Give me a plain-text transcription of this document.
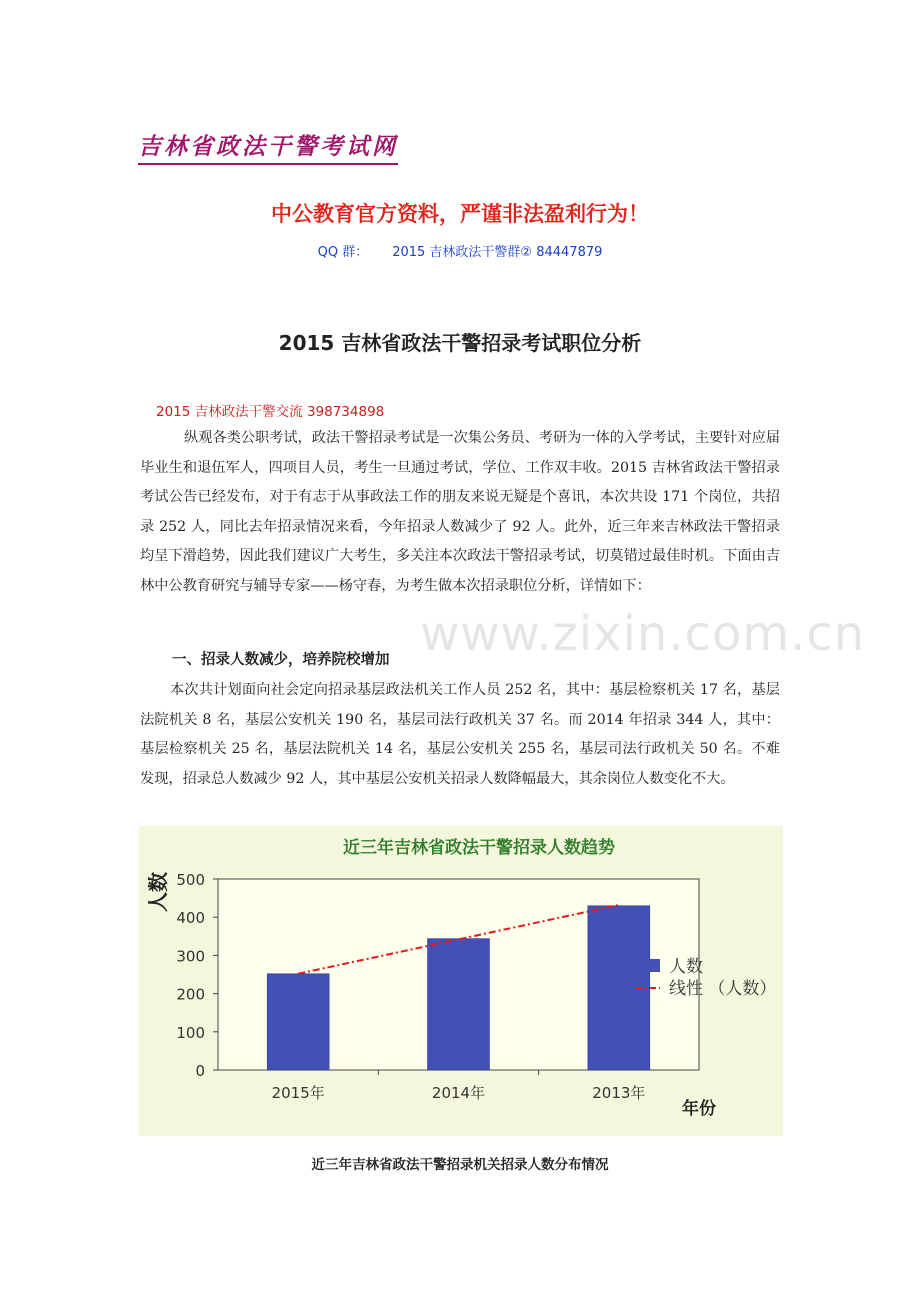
吉林省政法干警考试网
中公教育官方资料，严谨非法盈利行为！
QQ 群： 2015 吉林政法干警群② 84447879
2015 吉林省政法干警招录考试职位分析
2015 吉林政法干警交流 398734898
纵观各类公职考试，政法干警招录考试是一次集公务员、考研为一体的入学考试，主要针对应届毕业生和退伍军人，四项目人员，考生一旦通过考试，学位、工作双丰收。2015 吉林省政法干警招录考试公告已经发布，对于有志于从事政法工作的朋友来说无疑是个喜讯，本次共设 171 个岗位，共招录 252 人，同比去年招录情况来看，今年招录人数减少了 92 人。此外，近三年来吉林政法干警招录均呈下滑趋势，因此我们建议广大考生，多关注本次政法干警招录考试，切莫错过最佳时机。下面由吉林中公教育研究与辅导专家——杨守春，为考生做本次招录职位分析，详情如下：
www.zixin.com.cn
一、招录人数减少，培养院校增加
本次共计划面向社会定向招录基层政法机关工作人员 252 名，其中：基层检察机关 17 名，基层法院机关 8 名，基层公安机关 190 名，基层司法行政机关 37 名。而 2014 年招录 344 人，其中：基层检察机关 25 名，基层法院机关 14 名，基层公安机关 255 名，基层司法行政机关 50 名。不难发现，招录总人数减少 92 人，其中基层公安机关招录人数降幅最大，其余岗位人数变化不大。
近三年吉林省政法干警招录人数趋势
人数
0
100
200
300
400
500
2015年	2014年	2013年
年份
人数
线性 （人数）
近三年吉林省政法干警招录机关招录人数分布情况
